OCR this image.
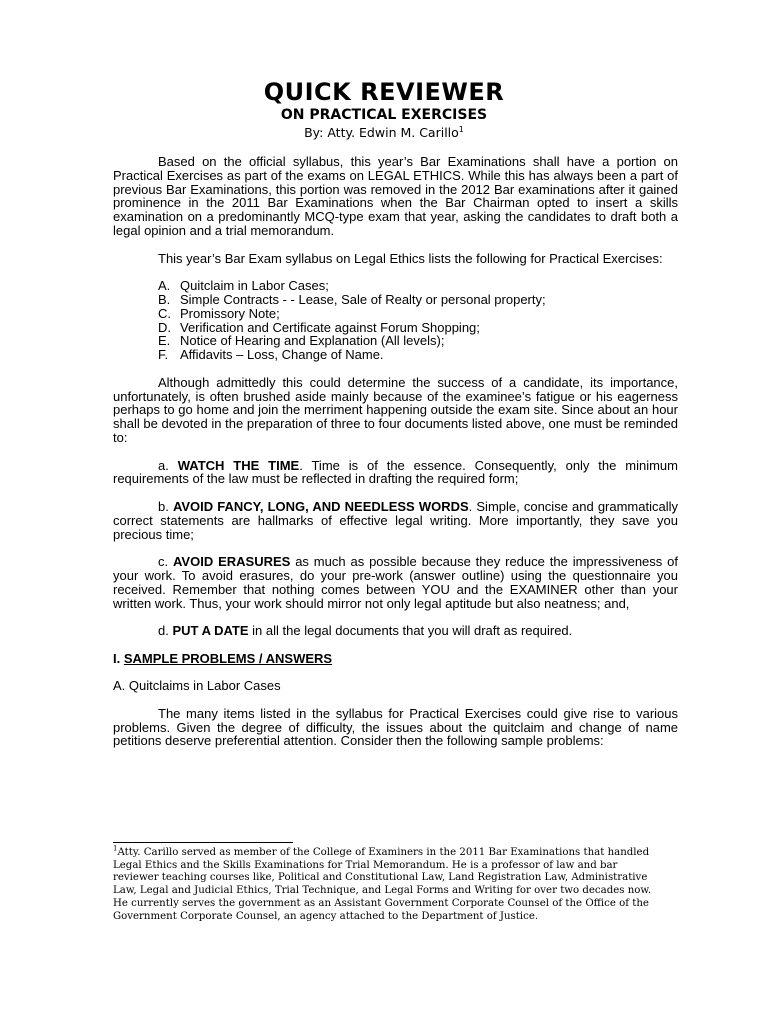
QUICK REVIEWER
ON PRACTICAL EXERCISES
By: Atty. Edwin M. Carillo$^1$

Based on the official syllabus, this year’s Bar Examinations shall have a portion on Practical Exercises as part of the exams on LEGAL ETHICS. While this has always been a part of previous Bar Examinations, this portion was removed in the 2012 Bar examinations after it gained prominence in the 2011 Bar Examinations when the Bar Chairman opted to insert a skills examination on a predominantly MCQ-type exam that year, asking the candidates to draft both a legal opinion and a trial memorandum.

This year’s Bar Exam syllabus on Legal Ethics lists the following for Practical Exercises:

A. Quitclaim in Labor Cases;
B. Simple Contracts - - Lease, Sale of Realty or personal property;
C. Promissory Note;
D. Verification and Certificate against Forum Shopping;
E. Notice of Hearing and Explanation (All levels);
F. Affidavits – Loss, Change of Name.

Although admittedly this could determine the success of a candidate, its importance, unfortunately, is often brushed aside mainly because of the examinee’s fatigue or his eagerness perhaps to go home and join the merriment happening outside the exam site. Since about an hour shall be devoted in the preparation of three to four documents listed above, one must be reminded to:

a. WATCH THE TIME. Time is of the essence. Consequently, only the minimum requirements of the law must be reflected in drafting the required form;

b. AVOID FANCY, LONG, AND NEEDLESS WORDS. Simple, concise and grammatically correct statements are hallmarks of effective legal writing. More importantly, they save you precious time;

c. AVOID ERASURES as much as possible because they reduce the impressiveness of your work. To avoid erasures, do your pre-work (answer outline) using the questionnaire you received. Remember that nothing comes between YOU and the EXAMINER other than your written work. Thus, your work should mirror not only legal aptitude but also neatness; and,

d. PUT A DATE in all the legal documents that you will draft as required.

I. SAMPLE PROBLEMS / ANSWERS

A. Quitclaims in Labor Cases

The many items listed in the syllabus for Practical Exercises could give rise to various problems. Given the degree of difficulty, the issues about the quitclaim and change of name petitions deserve preferential attention. Consider then the following sample problems:

$^1$Atty. Carillo served as member of the College of Examiners in the 2011 Bar Examinations that handled Legal Ethics and the Skills Examinations for Trial Memorandum. He is a professor of law and bar reviewer teaching courses like, Political and Constitutional Law, Land Registration Law, Administrative Law, Legal and Judicial Ethics, Trial Technique, and Legal Forms and Writing for over two decades now. He currently serves the government as an Assistant Government Corporate Counsel of the Office of the Government Corporate Counsel, an agency attached to the Department of Justice.
